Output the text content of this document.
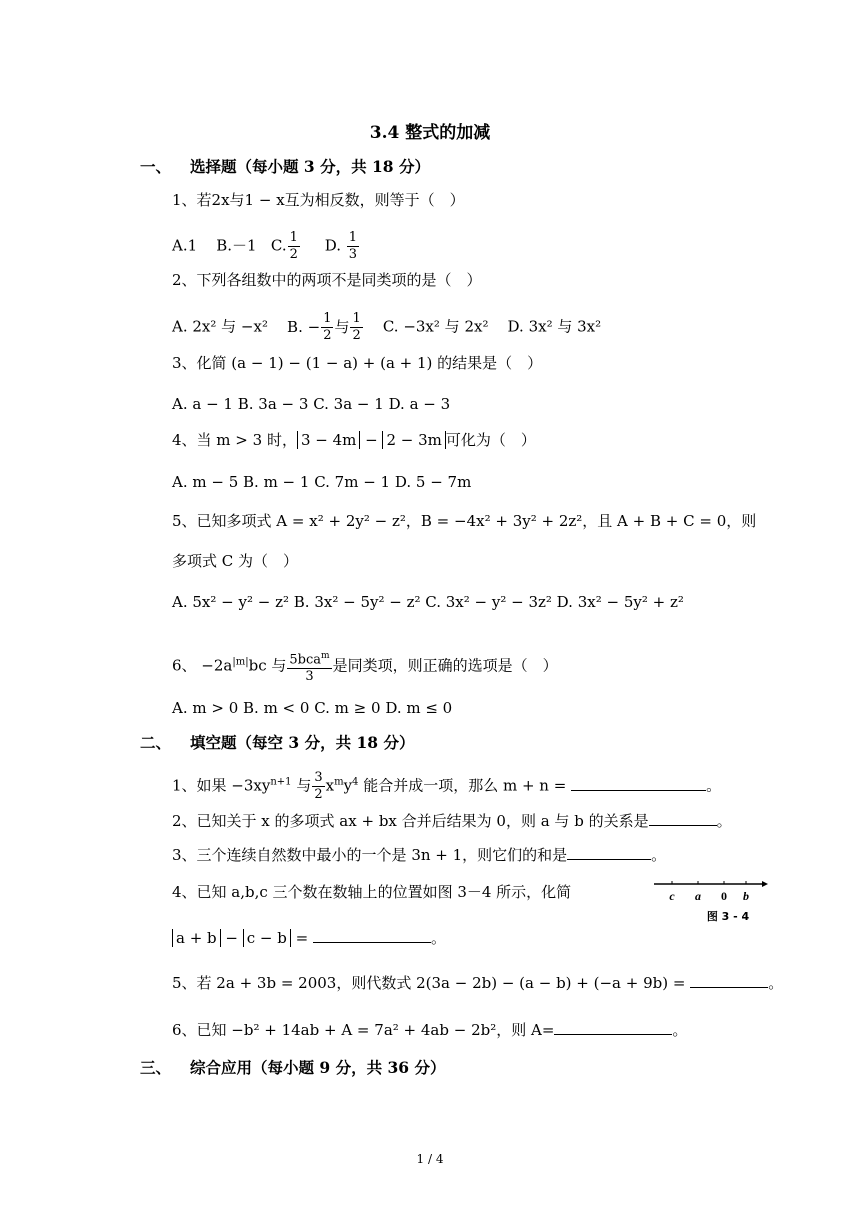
3.4 整式的加减
一、 选择题（每小题 3 分，共 18 分）
1、若2x与1 − x互为相反数，则等于（　）
A.1 B.－1 C. $\frac{1}{2} D$. $\frac{1}{3}$
2、下列各组数中的两项不是同类项的是（　）
A. 2x² 与 −x² B. − $\frac{1}{2}$ 与 $\frac{1}{2} C$. −3x² 与 2x² D. 3x² 与 3x²
3、化简 (a − 1) − (1 − a) + (a + 1) 的结果是（　）
A. a − 1 B. 3a − 3 C. 3a − 1 D. a − 3
4、当 m > 3 时， 3 − 4m − 2 − 3m 可化为（　）
A. m − 5 B. m − 1 C. 7m − 1 D. 5 − 7m
5、已知多项式 A = x² + 2y² − z²，B = −4x² + 3y² + 2z²，且 A + B + C = 0，则
多项式 C 为（　）
A. 5x² − y² − z² B. 3x² − 5y² − z² C. 3x² − y² − 3z² D. 3x² − 5y² + z²
6、 $-2a^{|m|}bc$ 与 5bca$^m$
3
是同类项，则正确的选项是（　）
A. m > 0 B. m < 0 C. m ≥ 0 D. m ≤ 0
二、 填空题（每空 3 分，共 18 分）
1、如果 $-3xy^{n+1}$ 与 $\frac{3}{2} x^my^4$ 能合并成一项，那么 m + n =	。
2、已知关于 x 的多项式 ax + bx 合并后结果为 0，则 a 与 b 的关系是	。
3、三个连续自然数中最小的一个是 3n + 1，则它们的和是	。
4、已知 a,b,c 三个数在数轴上的位置如图 3－4 所示，化简	c a 0 b
图 3 - 4
a + b − c − b =	。
5、若 2a + 3b = 2003，则代数式 2(3a − 2b) − (a − b) + (−a + 9b) =	。
6、已知 −b² + 14ab + A = 7a² + 4ab − 2b²，则 A=	。
三、 综合应用（每小题 9 分，共 36 分）
1 / 4
